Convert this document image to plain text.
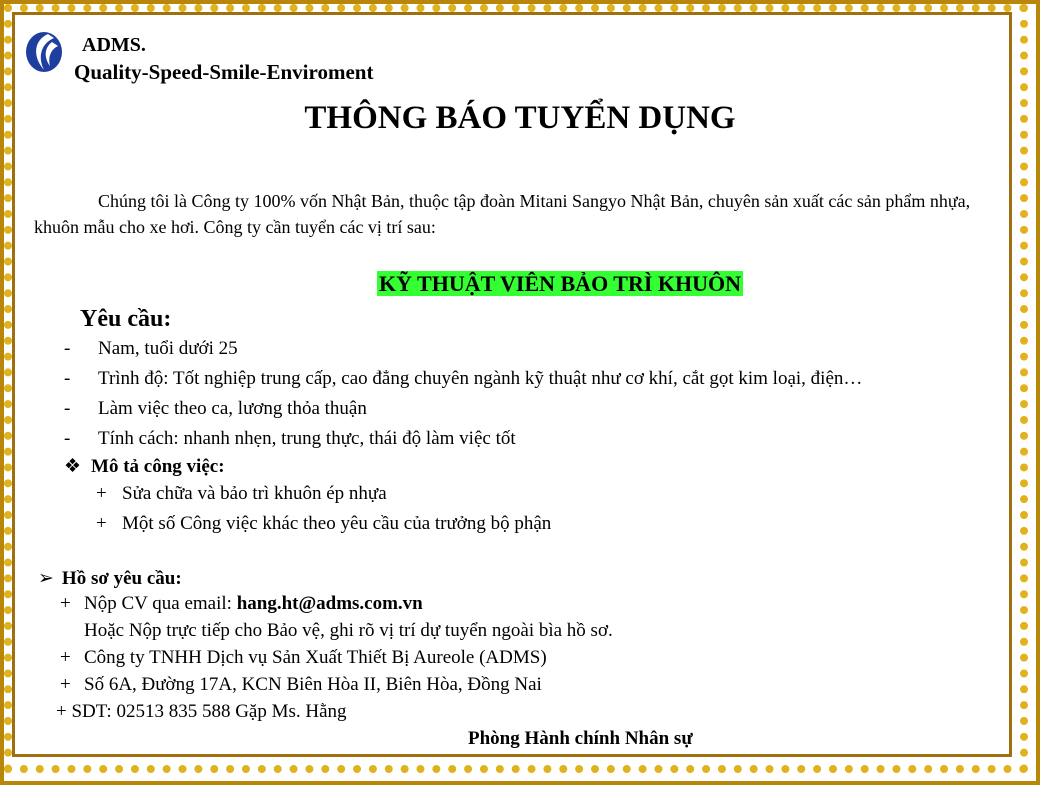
ADMS.
Quality-Speed-Smile-Enviroment
THÔNG BÁO TUYỂN DỤNG
Chúng tôi là Công ty 100% vốn Nhật Bản, thuộc tập đoàn Mitani Sangyo Nhật Bản, chuyên sản xuất các sản phẩm nhựa, khuôn mẫu cho xe hơi. Công ty cần tuyển các vị trí sau:
KỸ THUẬT VIÊN BẢO TRÌ KHUÔN
Yêu cầu:
-	Nam, tuổi dưới 25
-	Trình độ: Tốt nghiệp trung cấp, cao đẳng chuyên ngành kỹ thuật như cơ khí, cắt gọt kim loại, điện…
-	Làm việc theo ca, lương thỏa thuận
-	Tính cách: nhanh nhẹn, trung thực, thái độ làm việc tốt
❖ Mô tả công việc:
+ Sửa chữa và bảo trì khuôn ép nhựa
+ Một số Công việc khác theo yêu cầu của trưởng bộ phận
➢ Hồ sơ yêu cầu:
+ Nộp CV qua email: hang.ht@adms.com.vn
Hoặc Nộp trực tiếp cho Bảo vệ, ghi rõ vị trí dự tuyển ngoài bìa hồ sơ.
+ Công ty TNHH Dịch vụ Sản Xuất Thiết Bị Aureole (ADMS)
+ Số 6A, Đường 17A, KCN Biên Hòa II, Biên Hòa, Đồng Nai
+ SDT: 02513 835 588 Gặp Ms. Hằng
Phòng Hành chính Nhân sự
